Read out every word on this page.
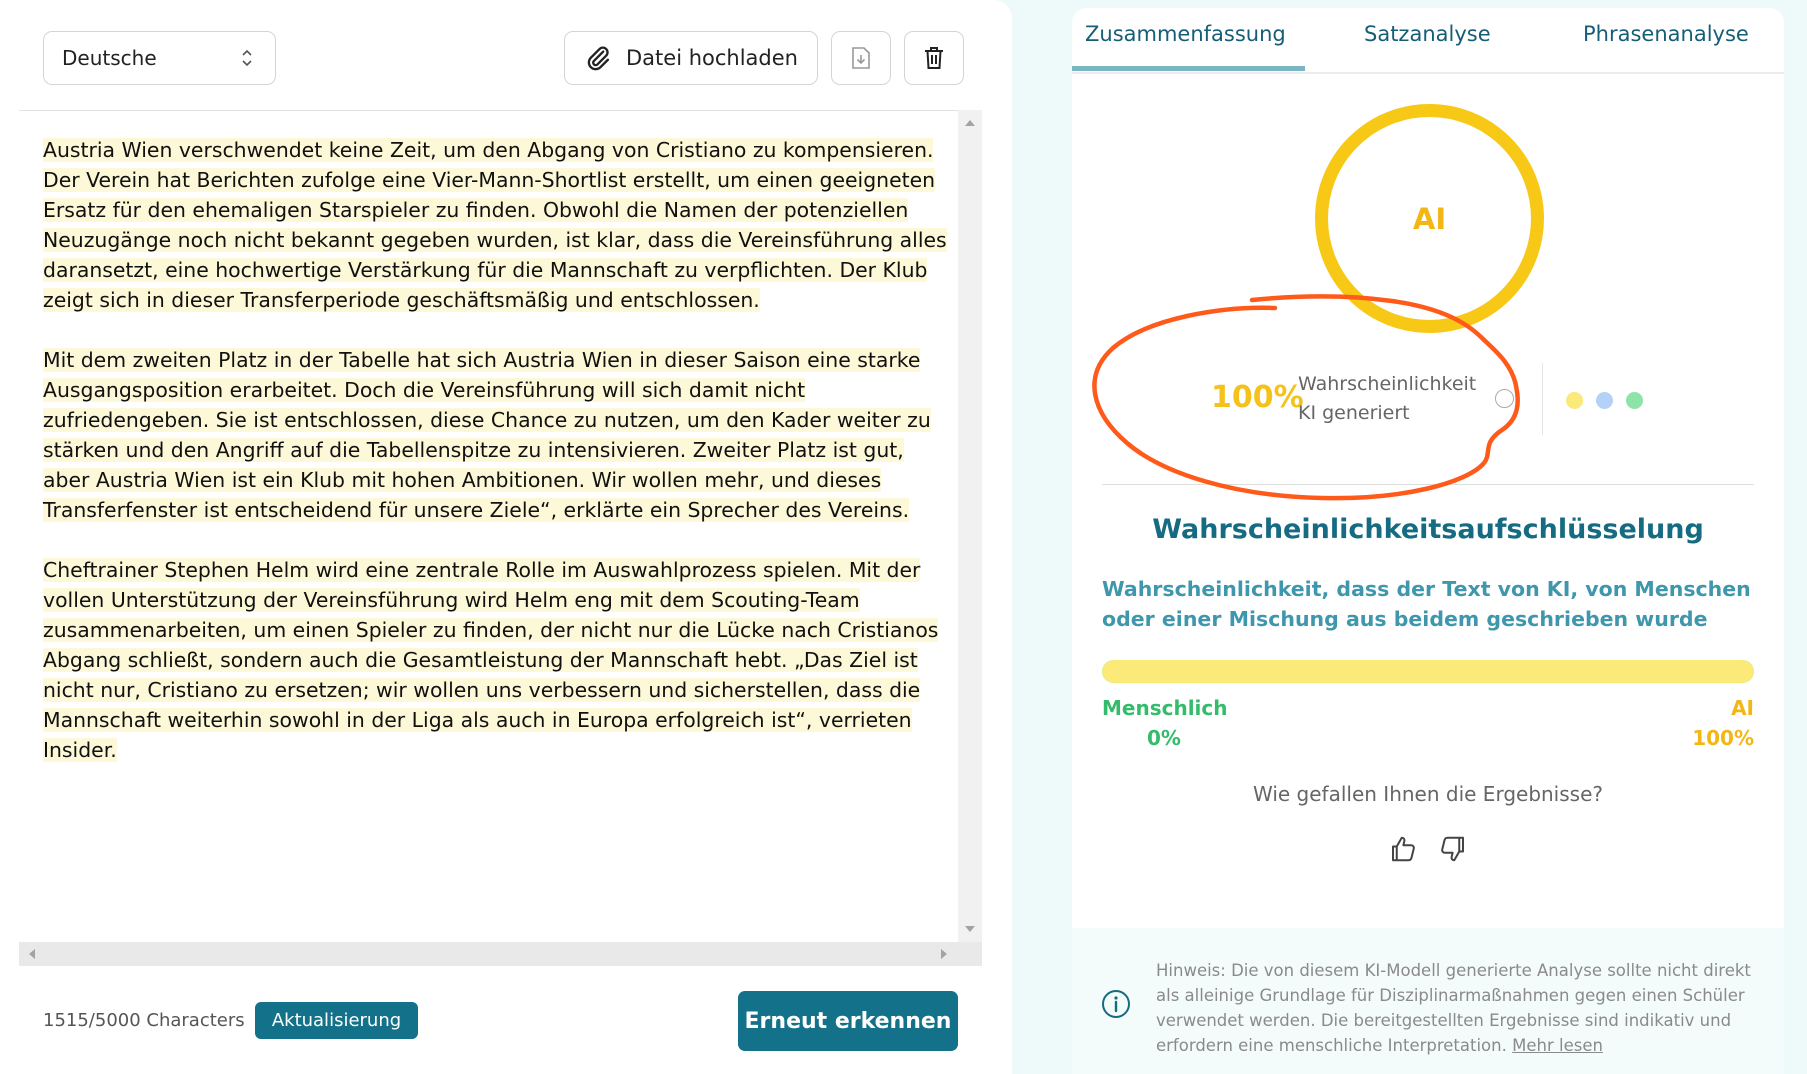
Deutsche	Datei hochladen

Austria Wien verschwendet keine Zeit, um den Abgang von Cristiano zu kompensieren. Der Verein hat Berichten zufolge eine Vier-Mann-Shortlist erstellt, um einen geeigneten Ersatz für den ehemaligen Starspieler zu finden. Obwohl die Namen der potenziellen Neuzugänge noch nicht bekannt gegeben wurden, ist klar, dass die Vereinsführung alles daransetzt, eine hochwertige Verstärkung für die Mannschaft zu verpflichten. Der Klub zeigt sich in dieser Transferperiode geschäftsmäßig und entschlossen.

Mit dem zweiten Platz in der Tabelle hat sich Austria Wien in dieser Saison eine starke Ausgangsposition erarbeitet. Doch die Vereinsführung will sich damit nicht zufriedengeben. Sie ist entschlossen, diese Chance zu nutzen, um den Kader weiter zu stärken und den Angriff auf die Tabellenspitze zu intensivieren. Zweiter Platz ist gut, aber Austria Wien ist ein Klub mit hohen Ambitionen. Wir wollen mehr, und dieses Transferfenster ist entscheidend für unsere Ziele“, erklärte ein Sprecher des Vereins.

Cheftrainer Stephen Helm wird eine zentrale Rolle im Auswahlprozess spielen. Mit der vollen Unterstützung der Vereinsführung wird Helm eng mit dem Scouting-Team zusammenarbeiten, um einen Spieler zu finden, der nicht nur die Lücke nach Cristianos Abgang schließt, sondern auch die Gesamtleistung der Mannschaft hebt. „Das Ziel ist nicht nur, Cristiano zu ersetzen; wir wollen uns verbessern und sicherstellen, dass die Mannschaft weiterhin sowohl in der Liga als auch in Europa erfolgreich ist“, verrieten Insider.

1515/5000 Characters	Aktualisierung	Erneut erkennen
Zusammenfassung	Satzanalyse	Phrasenanalyse
AI
100%
Wahrscheinlichkeit KI generiert
Wahrscheinlichkeitsaufschlüsselung
Wahrscheinlichkeit, dass der Text von KI, von Menschen oder einer Mischung aus beidem geschrieben wurde
Menschlich
0%
AI
100%
Wie gefallen Ihnen die Ergebnisse?
Hinweis: Die von diesem KI-Modell generierte Analyse sollte nicht direkt als alleinige Grundlage für Disziplinarmaßnahmen gegen einen Schüler verwendet werden. Die bereitgestellten Ergebnisse sind indikativ und erfordern eine menschliche Interpretation. Mehr lesen
